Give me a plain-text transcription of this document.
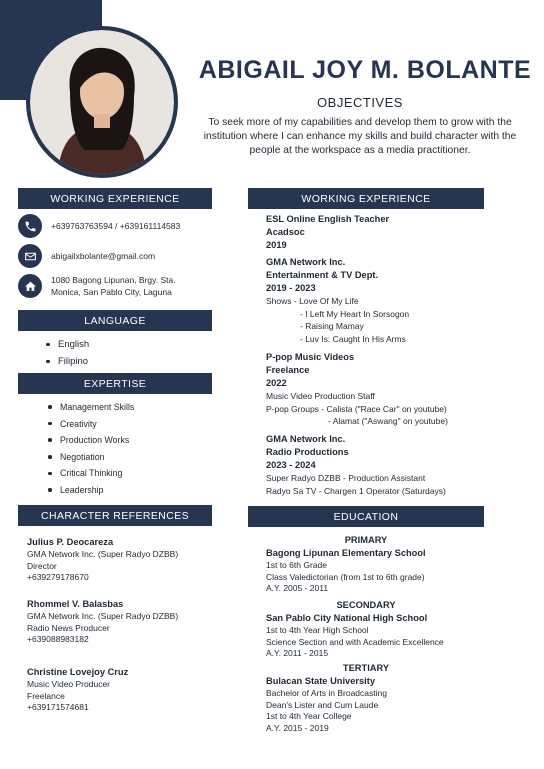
ABIGAIL JOY M. BOLANTE
OBJECTIVES
To seek more of my capabilities and develop them to grow with the institution where I can enhance my skills and build character with the people at the workspace as a media practitioner.
WORKING EXPERIENCE
+639763763594 / +639161114583
abigailxbolante@gmail.com
1080 Bagong Lipunan, Brgy. Sta.
Monica, San Pablo City, Laguna
LANGUAGE
English
Filipino
EXPERTISE
Management Skills
Creativity
Production Works
Negotiation
Critical Thinking
Leadership
CHARACTER REFERENCES
Julius P. Deocareza
GMA Network Inc. (Super Radyo DZBB)
Director
+639279178670
Rhommel V. Balasbas
GMA Network Inc. (Super Radyo DZBB)
Radio News Producer
+639088983182
Christine Lovejoy Cruz
Music Video Producer
Freelance
+639171574681
WORKING EXPERIENCE
ESL Online English Teacher
Acadsoc
2019
GMA Network Inc.
Entertainment & TV Dept.
2019 - 2023
Shows - Love Of My Life
- I Left My Heart In Sorsogon
- Raising Mamay
- Luv Is: Caught In His Arms
P-pop Music Videos
Freelance
2022
Music Video Production Staff
P-pop Groups - Calista ("Race Car" on youtube)
- Alamat ("Aswang" on youtube)
GMA Network Inc.
Radio Productions
2023 - 2024
Super Radyo DZBB - Production Assistant
Radyo Sa TV - Chargen 1 Operator (Saturdays)
EDUCATION
PRIMARY
Bagong Lipunan Elementary School
1st to 6th Grade
Class Valedictorian (from 1st to 6th grade)
A.Y. 2005 - 2011
SECONDARY
San Pablo City National High School
1st to 4th Year High School
Science Section and with Academic Excellence
A.Y. 2011 - 2015
TERTIARY
Bulacan State University
Bachelor of Arts in Broadcasting
Dean's Lister and Cum Laude
1st to 4th Year College
A.Y. 2015 - 2019
